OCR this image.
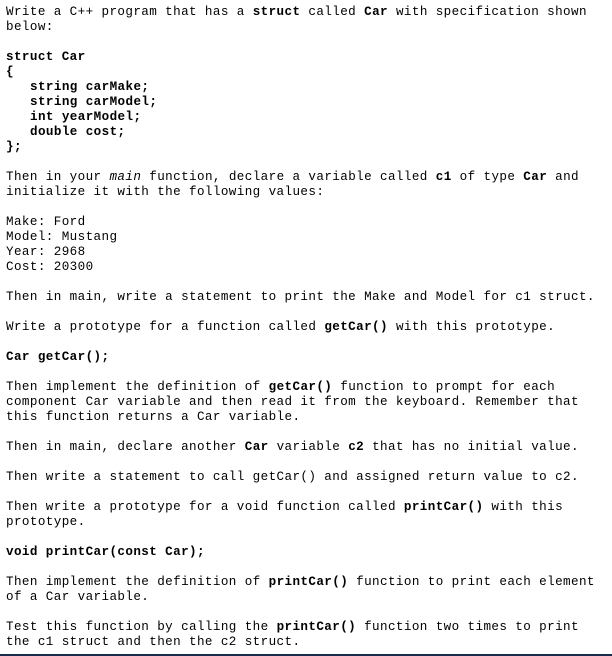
Write a C++ program that has a struct called Car with specification shown
below:
struct Car
{
string carMake;
string carModel;
int yearModel;
double cost;
};
Then in your main function, declare a variable called c1 of type Car and
initialize it with the following values:
Make: Ford
Model: Mustang
Year: 2968
Cost: 20300
Then in main, write a statement to print the Make and Model for c1 struct.
Write a prototype for a function called getCar() with this prototype.
Car getCar();
Then implement the definition of getCar() function to prompt for each
component Car variable and then read it from the keyboard. Remember that
this function returns a Car variable.
Then in main, declare another Car variable c2 that has no initial value.
Then write a statement to call getCar() and assigned return value to c2.
Then write a prototype for a void function called printCar() with this
prototype.
void printCar(const Car);
Then implement the definition of printCar() function to print each element
of a Car variable.
Test this function by calling the printCar() function two times to print
the c1 struct and then the c2 struct.
